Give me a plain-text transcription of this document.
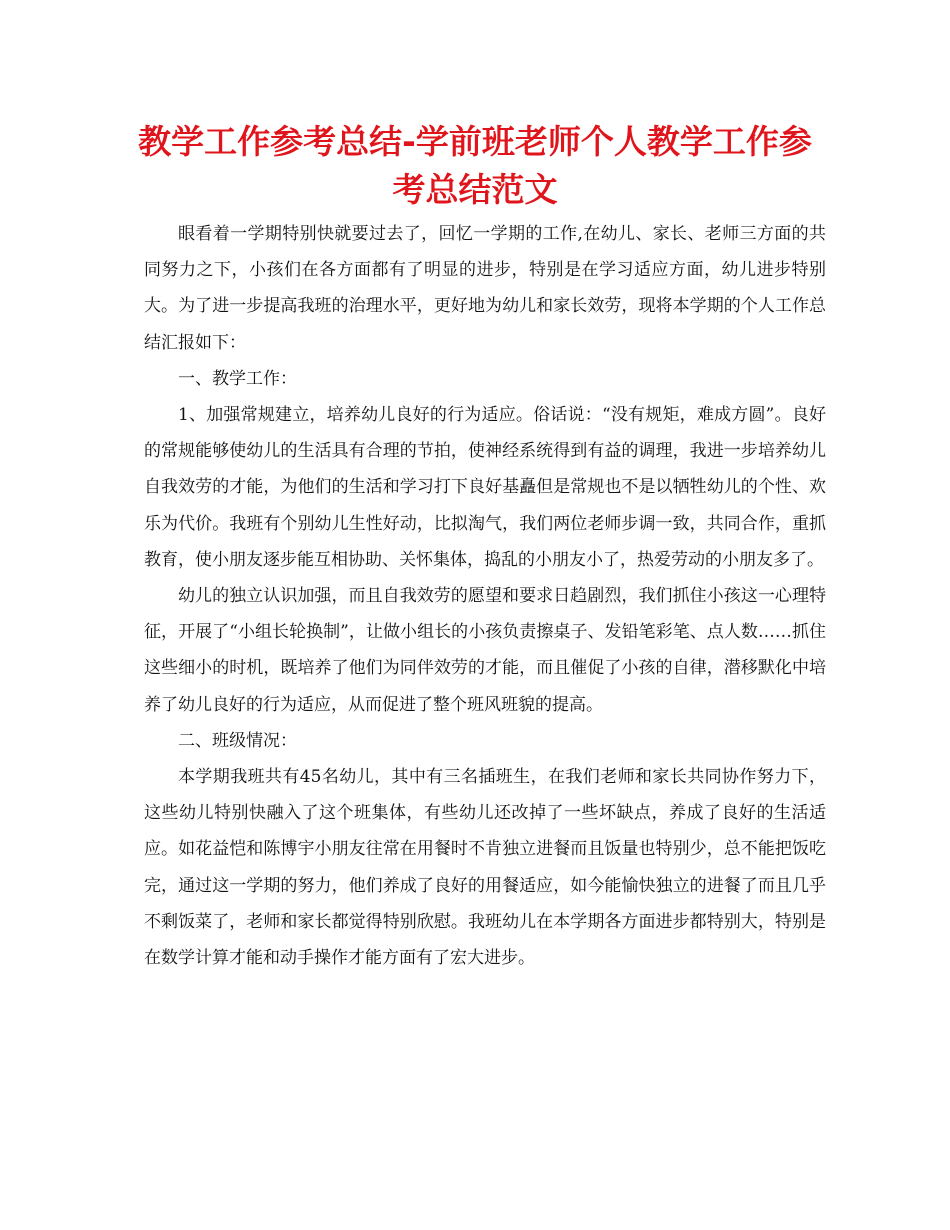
教学工作参考总结-学前班老师个人教学工作参考总结范文

眼看着一学期特别快就要过去了，回忆一学期的工作,在幼儿、家长、老师三方面的共同努力之下，小孩们在各方面都有了明显的进步，特别是在学习适应方面，幼儿进步特别大。为了进一步提高我班的治理水平，更好地为幼儿和家长效劳，现将本学期的个人工作总结汇报如下：

一、教学工作：

1、加强常规建立，培养幼儿良好的行为适应。俗话说：“没有规矩，难成方圆”。良好的常规能够使幼儿的生活具有合理的节拍，使神经系统得到有益的调理，我进一步培养幼儿自我效劳的才能，为他们的生活和学习打下良好基矗但是常规也不是以牺牲幼儿的个性、欢乐为代价。我班有个别幼儿生性好动，比拟淘气，我们两位老师步调一致，共同合作，重抓教育，使小朋友逐步能互相协助、关怀集体，捣乱的小朋友小了，热爱劳动的小朋友多了。

幼儿的独立认识加强，而且自我效劳的愿望和要求日趋剧烈，我们抓住小孩这一心理特征，开展了“小组长轮换制”，让做小组长的小孩负责擦桌子、发铅笔彩笔、点人数……抓住这些细小的时机，既培养了他们为同伴效劳的才能，而且催促了小孩的自律，潜移默化中培养了幼儿良好的行为适应，从而促进了整个班风班貌的提高。

二、班级情况：

本学期我班共有45名幼儿，其中有三名插班生，在我们老师和家长共同协作努力下，这些幼儿特别快融入了这个班集体，有些幼儿还改掉了一些坏缺点，养成了良好的生活适应。如花益恺和陈博宇小朋友往常在用餐时不肯独立进餐而且饭量也特别少，总不能把饭吃完，通过这一学期的努力，他们养成了良好的用餐适应，如今能愉快独立的进餐了而且几乎不剩饭菜了，老师和家长都觉得特别欣慰。我班幼儿在本学期各方面进步都特别大，特别是在数学计算才能和动手操作才能方面有了宏大进步。
